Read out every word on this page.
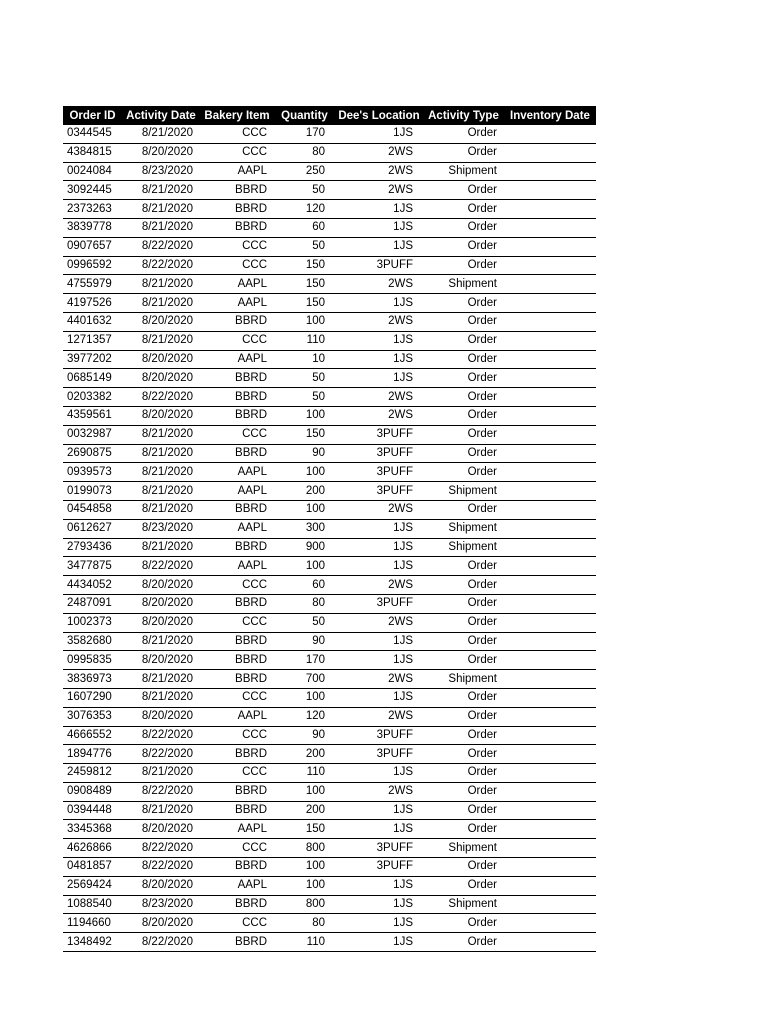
Order ID	Activity Date	Bakery Item	Quantity	Dee's Location	Activity Type	Inventory Date
0344545	8/21/2020	CCC	170	1JS	Order	
4384815	8/20/2020	CCC	80	2WS	Order	
0024084	8/23/2020	AAPL	250	2WS	Shipment	
3092445	8/21/2020	BBRD	50	2WS	Order	
2373263	8/21/2020	BBRD	120	1JS	Order	
3839778	8/21/2020	BBRD	60	1JS	Order	
0907657	8/22/2020	CCC	50	1JS	Order	
0996592	8/22/2020	CCC	150	3PUFF	Order	
4755979	8/21/2020	AAPL	150	2WS	Shipment	
4197526	8/21/2020	AAPL	150	1JS	Order	
4401632	8/20/2020	BBRD	100	2WS	Order	
1271357	8/21/2020	CCC	110	1JS	Order	
3977202	8/20/2020	AAPL	10	1JS	Order	
0685149	8/20/2020	BBRD	50	1JS	Order	
0203382	8/22/2020	BBRD	50	2WS	Order	
4359561	8/20/2020	BBRD	100	2WS	Order	
0032987	8/21/2020	CCC	150	3PUFF	Order	
2690875	8/21/2020	BBRD	90	3PUFF	Order	
0939573	8/21/2020	AAPL	100	3PUFF	Order	
0199073	8/21/2020	AAPL	200	3PUFF	Shipment	
0454858	8/21/2020	BBRD	100	2WS	Order	
0612627	8/23/2020	AAPL	300	1JS	Shipment	
2793436	8/21/2020	BBRD	900	1JS	Shipment	
3477875	8/22/2020	AAPL	100	1JS	Order	
4434052	8/20/2020	CCC	60	2WS	Order	
2487091	8/20/2020	BBRD	80	3PUFF	Order	
1002373	8/20/2020	CCC	50	2WS	Order	
3582680	8/21/2020	BBRD	90	1JS	Order	
0995835	8/20/2020	BBRD	170	1JS	Order	
3836973	8/21/2020	BBRD	700	2WS	Shipment	
1607290	8/21/2020	CCC	100	1JS	Order	
3076353	8/20/2020	AAPL	120	2WS	Order	
4666552	8/22/2020	CCC	90	3PUFF	Order	
1894776	8/22/2020	BBRD	200	3PUFF	Order	
2459812	8/21/2020	CCC	110	1JS	Order	
0908489	8/22/2020	BBRD	100	2WS	Order	
0394448	8/21/2020	BBRD	200	1JS	Order	
3345368	8/20/2020	AAPL	150	1JS	Order	
4626866	8/22/2020	CCC	800	3PUFF	Shipment	
0481857	8/22/2020	BBRD	100	3PUFF	Order	
2569424	8/20/2020	AAPL	100	1JS	Order	
1088540	8/23/2020	BBRD	800	1JS	Shipment	
1194660	8/20/2020	CCC	80	1JS	Order	
1348492	8/22/2020	BBRD	110	1JS	Order	
